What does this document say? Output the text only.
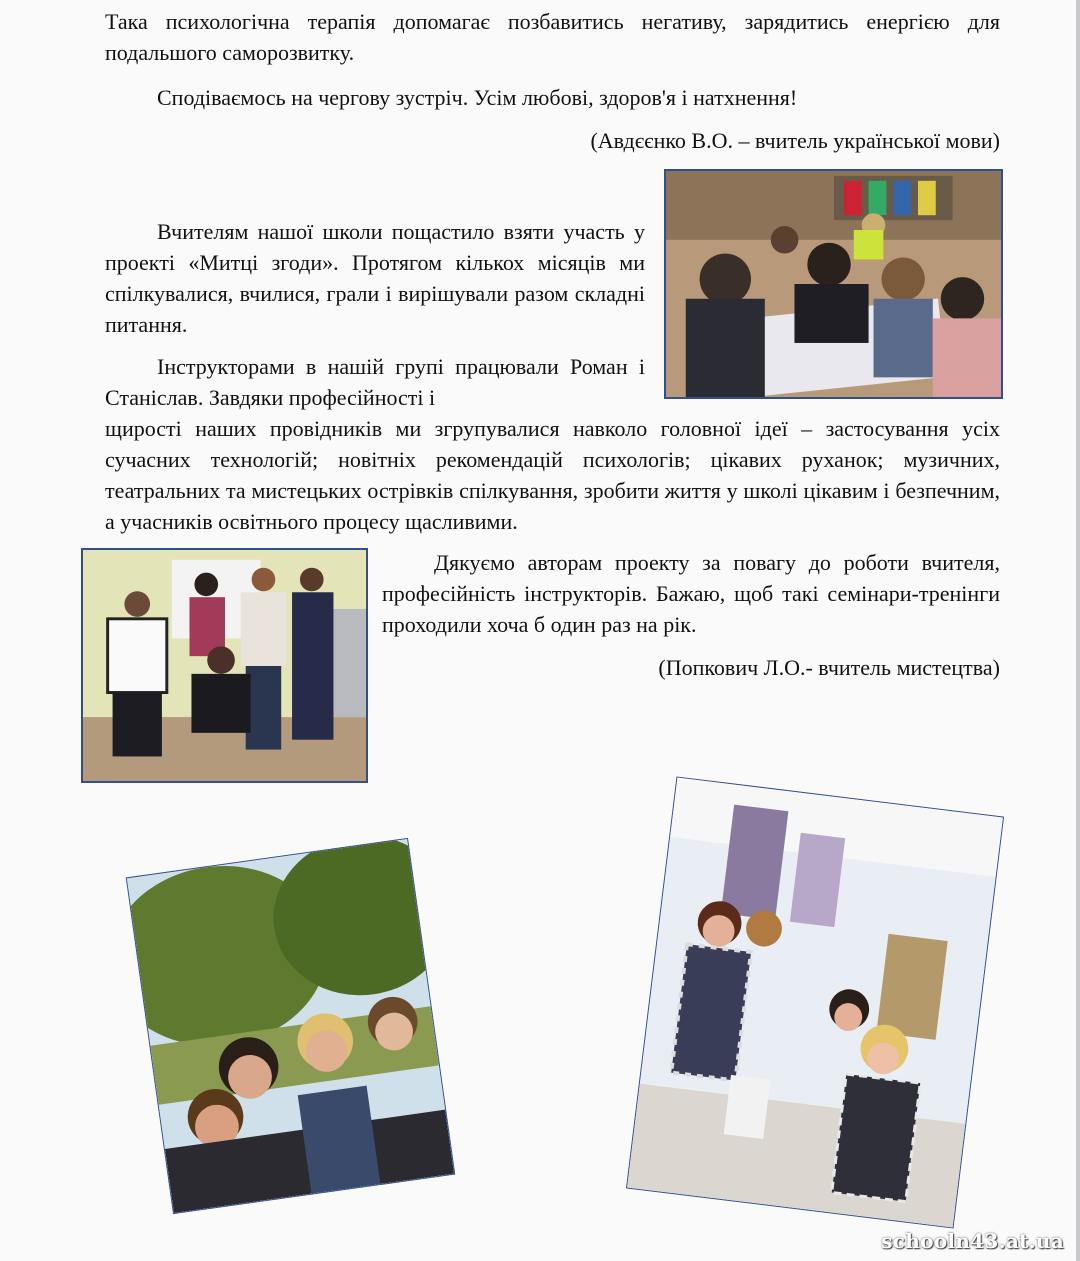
Така психологічна терапія допомагає позбавитись негативу, зарядитись енергією для подальшого саморозвитку.
Сподіваємось на чергову зустріч. Усім любові, здоров'я і натхнення!
(Авдєєнко В.О. – вчитель української мови)
Вчителям нашої школи пощастило взяти участь у проекті «Митці згоди». Протягом кількох місяців ми спілкувалися, вчилися, грали і вирішували разом складні питання.
Інструкторами в нашій групі працювали Роман і Станіслав. Завдяки професійності і
щирості наших провідників ми згрупувалися навколо головної ідеї – застосування усіх сучасних технологій; новітніх рекомендацій психологів; цікавих руханок; музичних, театральних та мистецьких острівків спілкування, зробити життя у школі цікавим і безпечним, а учасників освітнього процесу щасливими.
Дякуємо авторам проекту за повагу до роботи вчителя, професійність інструкторів. Бажаю, щоб такі семінари-тренінги проходили хоча б один раз на рік.
(Попкович Л.О.- вчитель мистецтва)
schooln43.at.ua
